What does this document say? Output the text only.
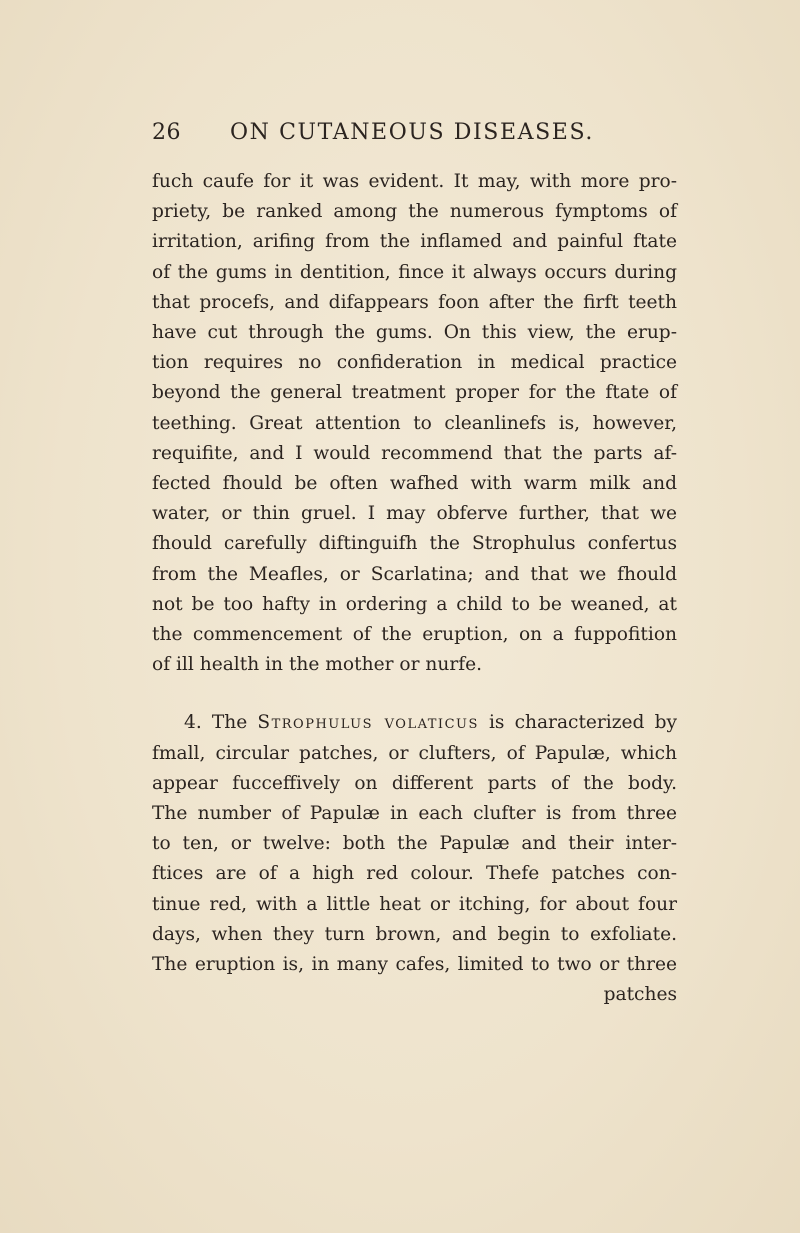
26	ON CUTANEOUS DISEASES.

fuch caufe for it was evident. It may, with more pro-
priety, be ranked among the numerous fymptoms of
irritation, arifing from the inflamed and painful ftate
of the gums in dentition, fince it always occurs during
that procefs, and difappears foon after the firft teeth
have cut through the gums. On this view, the erup-
tion requires no confideration in medical practice
beyond the general treatment proper for the ftate of
teething. Great attention to cleanlinefs is, however,
requifite, and I would recommend that the parts af-
fected fhould be often wafhed with warm milk and
water, or thin gruel. I may obferve further, that we
fhould carefully diftinguifh the Strophulus confertus
from the Meafles, or Scarlatina; and that we fhould
not be too hafty in ordering a child to be weaned, at
the commencement of the eruption, on a fuppofition
of ill health in the mother or nurfe.

4. The Strophulus volaticus is characterized by
fmall, circular patches, or clufters, of Papulæ, which
appear fucceffively on different parts of the body.
The number of Papulæ in each clufter is from three
to ten, or twelve: both the Papulæ and their inter-
ftices are of a high red colour. Thefe patches con-
tinue red, with a little heat or itching, for about four
days, when they turn brown, and begin to exfoliate.
The eruption is, in many cafes, limited to two or three
patches
